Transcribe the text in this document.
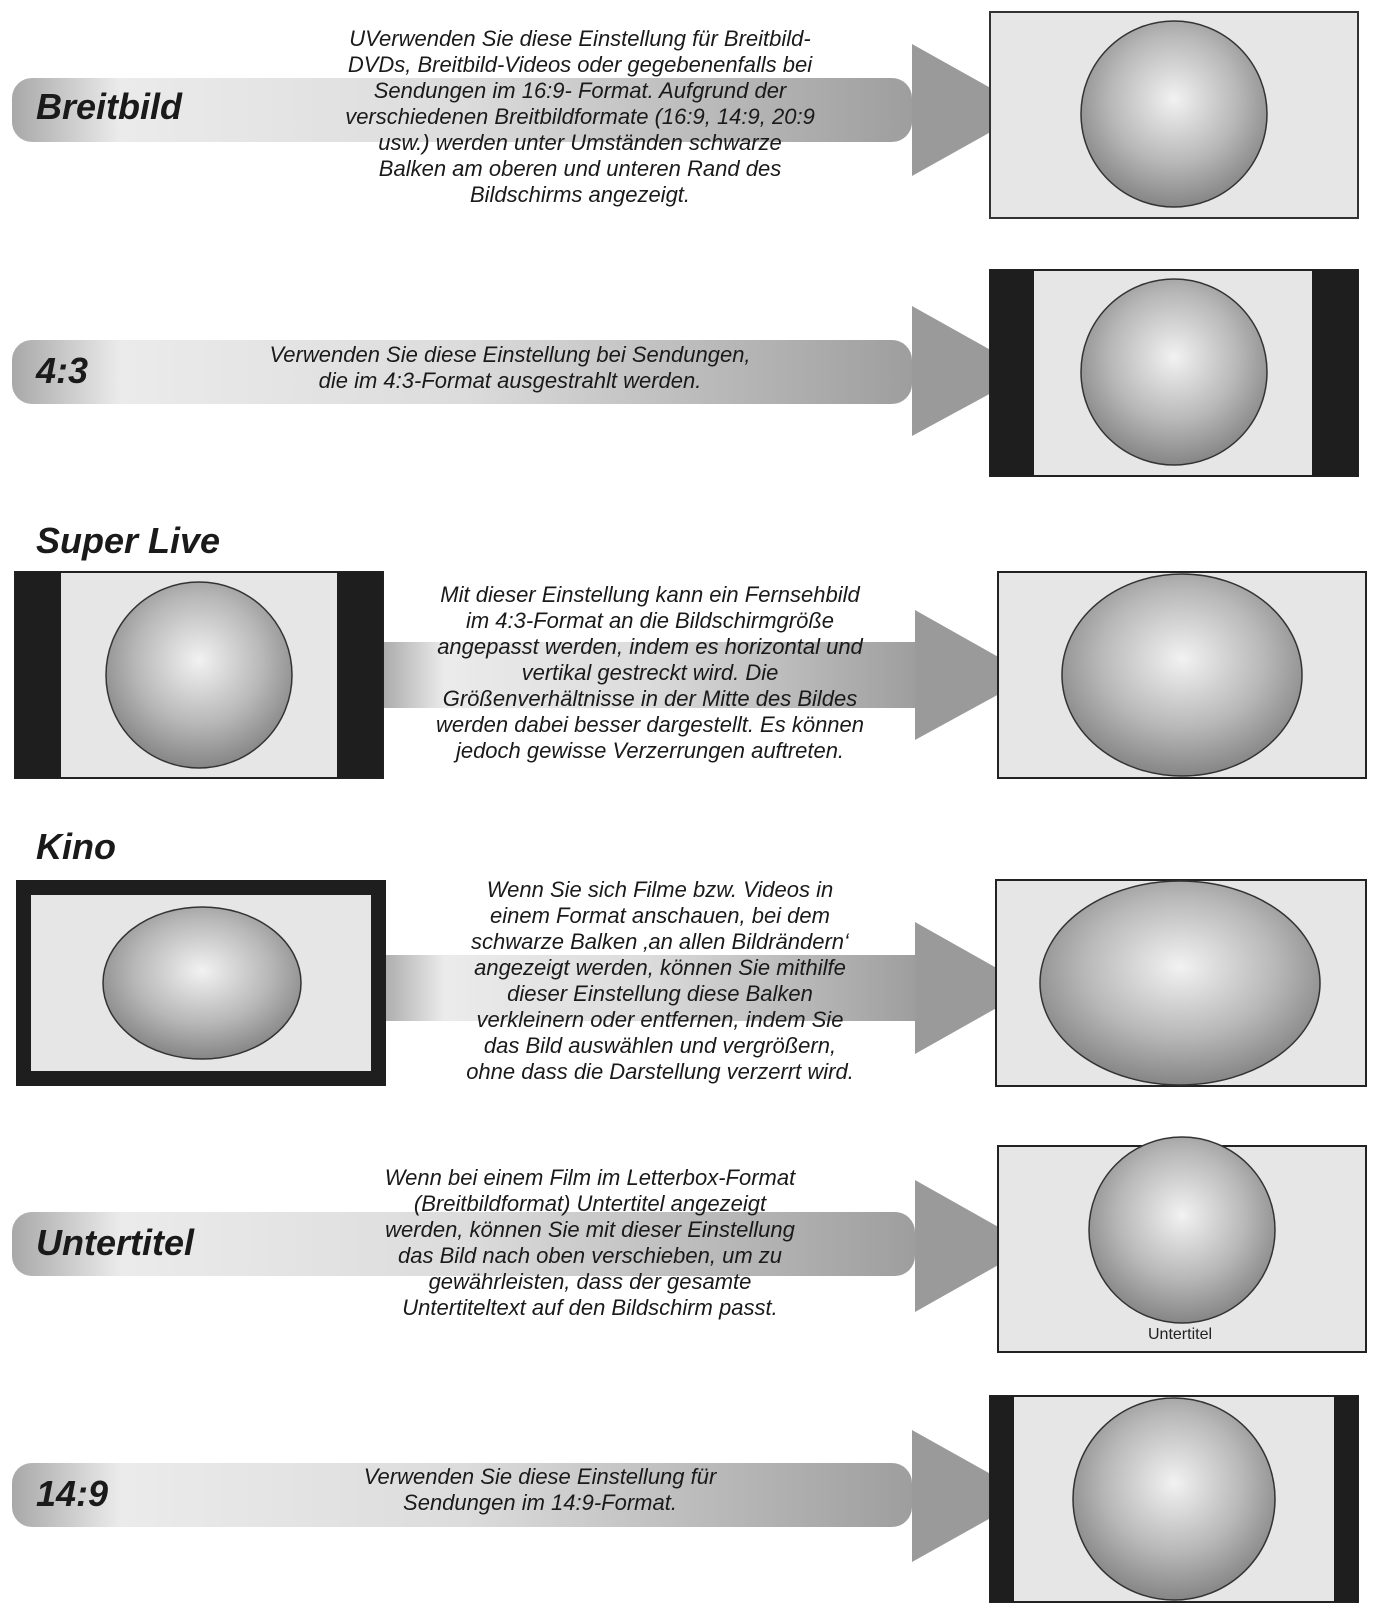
Breitbild
4:3
Super Live
Kino
Untertitel
14:9
UVerwenden Sie diese Einstellung für Breitbild-
DVDs, Breitbild-Videos oder gegebenenfalls bei
Sendungen im 16:9- Format. Aufgrund der
verschiedenen Breitbildformate (16:9, 14:9, 20:9
usw.) werden unter Umständen schwarze
Balken am oberen und unteren Rand des
Bildschirms angezeigt.
Verwenden Sie diese Einstellung bei Sendungen,
die im 4:3-Format ausgestrahlt werden.
Mit dieser Einstellung kann ein Fernsehbild
im 4:3-Format an die Bildschirmgröße
angepasst werden, indem es horizontal und
vertikal gestreckt wird. Die
Größenverhältnisse in der Mitte des Bildes
werden dabei besser dargestellt. Es können
jedoch gewisse Verzerrungen auftreten.
Wenn Sie sich Filme bzw. Videos in
einem Format anschauen, bei dem
schwarze Balken ‚an allen Bildrändern‘
angezeigt werden, können Sie mithilfe
dieser Einstellung diese Balken
verkleinern oder entfernen, indem Sie
das Bild auswählen und vergrößern,
ohne dass die Darstellung verzerrt wird.
Wenn bei einem Film im Letterbox-Format
(Breitbildformat) Untertitel angezeigt
werden, können Sie mit dieser Einstellung
das Bild nach oben verschieben, um zu
gewährleisten, dass der gesamte
Untertiteltext auf den Bildschirm passt.
Verwenden Sie diese Einstellung für
Sendungen im 14:9-Format.
Untertitel
